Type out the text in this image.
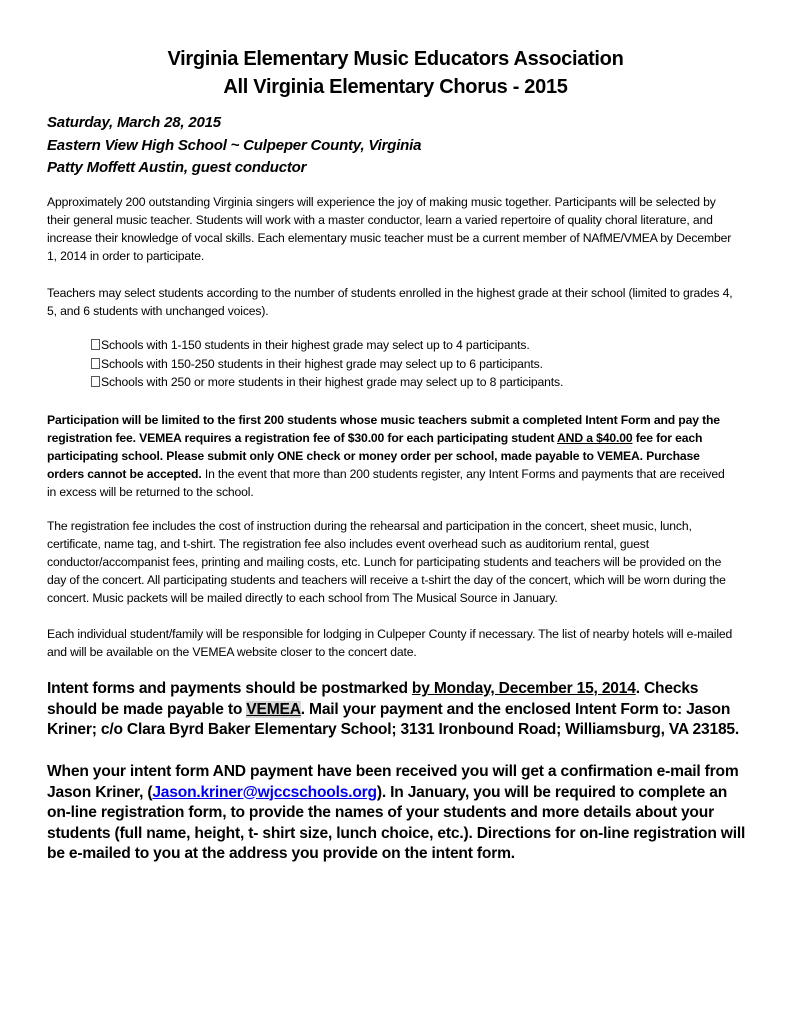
Virginia Elementary Music Educators Association
All Virginia Elementary Chorus - 2015
Saturday, March 28, 2015
Eastern View High School ~ Culpeper County, Virginia
Patty Moffett Austin, guest conductor

Approximately 200 outstanding Virginia singers will experience the joy of making music together. Participants will be selected by their general music teacher. Students will work with a master conductor, learn a varied repertoire of quality choral literature, and increase their knowledge of vocal skills. Each elementary music teacher must be a current member of NAfME/VMEA by December 1, 2014 in order to participate.

Teachers may select students according to the number of students enrolled in the highest grade at their school (limited to grades 4, 5, and 6 students with unchanged voices).

Schools with 1-150 students in their highest grade may select up to 4 participants.
Schools with 150-250 students in their highest grade may select up to 6 participants.
Schools with 250 or more students in their highest grade may select up to 8 participants.

Participation will be limited to the first 200 students whose music teachers submit a completed Intent Form and pay the registration fee. VEMEA requires a registration fee of $30.00 for each participating student AND a $40.00 fee for each participating school. Please submit only ONE check or money order per school, made payable to VEMEA. Purchase orders cannot be accepted. In the event that more than 200 students register, any Intent Forms and payments that are received in excess will be returned to the school.

The registration fee includes the cost of instruction during the rehearsal and participation in the concert, sheet music, lunch, certificate, name tag, and t-shirt. The registration fee also includes event overhead such as auditorium rental, guest conductor/accompanist fees, printing and mailing costs, etc. Lunch for participating students and teachers will be provided on the day of the concert. All participating students and teachers will receive a t-shirt the day of the concert, which will be worn during the concert. Music packets will be mailed directly to each school from The Musical Source in January.

Each individual student/family will be responsible for lodging in Culpeper County if necessary. The list of nearby hotels will e-mailed and will be available on the VEMEA website closer to the concert date.

Intent forms and payments should be postmarked by Monday, December 15, 2014. Checks should be made payable to VEMEA. Mail your payment and the enclosed Intent Form to: Jason Kriner; c/o Clara Byrd Baker Elementary School; 3131 Ironbound Road; Williamsburg, VA 23185.

When your intent form AND payment have been received you will get a confirmation e-mail from Jason Kriner, (Jason.kriner@wjccschools.org). In January, you will be required to complete an on-line registration form, to provide the names of your students and more details about your students (full name, height, t- shirt size, lunch choice, etc.). Directions for on-line registration will be e-mailed to you at the address you provide on the intent form.
